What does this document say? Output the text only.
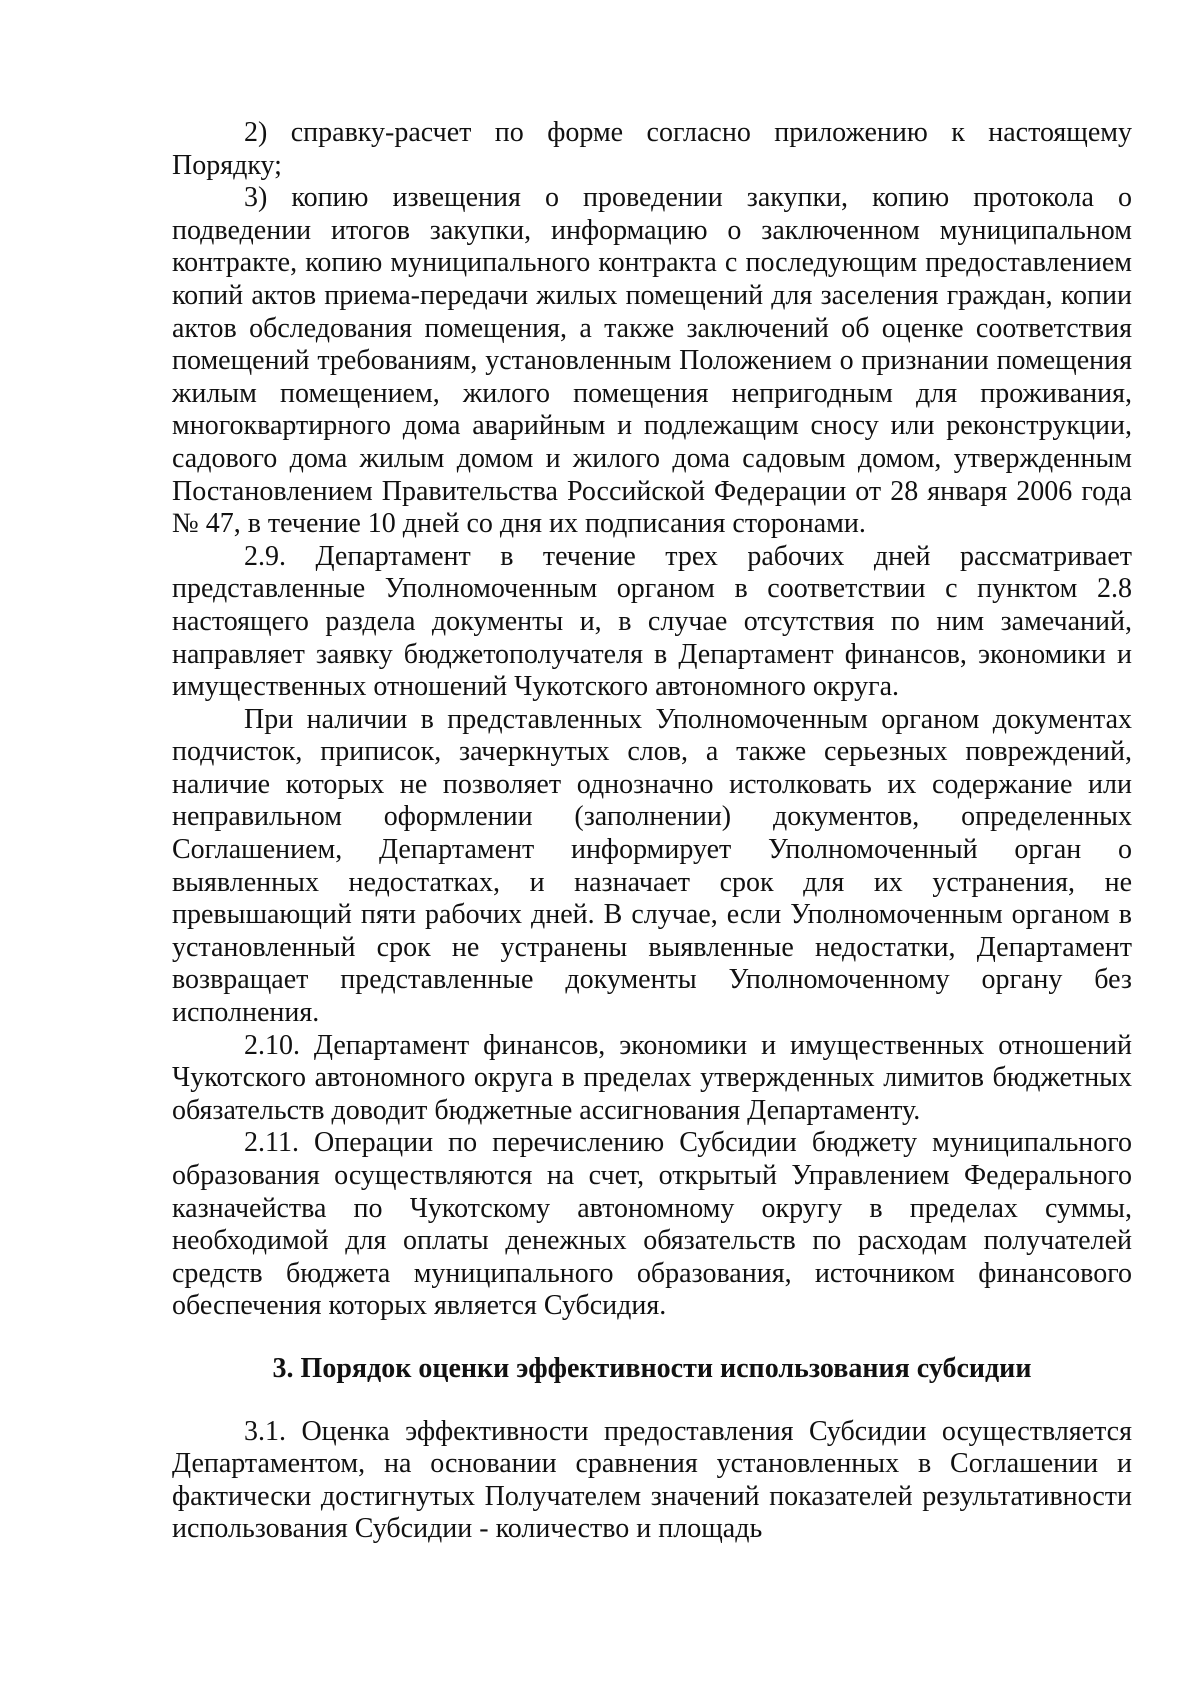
2) справку-расчет по форме согласно приложению к настоящему Порядку;

3) копию извещения о проведении закупки, копию протокола о подведении итогов закупки, информацию о заключенном муниципальном контракте, копию муниципального контракта с последующим предоставлением копий актов приема-передачи жилых помещений для заселения граждан, копии актов обследования помещения, а также заключений об оценке соответствия помещений требованиям, установленным Положением о признании помещения жилым помещением, жилого помещения непригодным для проживания, многоквартирного дома аварийным и подлежащим сносу или реконструкции, садового дома жилым домом и жилого дома садовым домом, утвержденным Постановлением Правительства Российской Федерации от 28 января 2006 года № 47, в течение 10 дней со дня их подписания сторонами.

2.9. Департамент в течение трех рабочих дней рассматривает представленные Уполномоченным органом в соответствии с пунктом 2.8 настоящего раздела документы и, в случае отсутствия по ним замечаний, направляет заявку бюджетополучателя в Департамент финансов, экономики и имущественных отношений Чукотского автономного округа.

При наличии в представленных Уполномоченным органом документах подчисток, приписок, зачеркнутых слов, а также серьезных повреждений, наличие которых не позволяет однозначно истолковать их содержание или неправильном оформлении (заполнении) документов, определенных Соглашением, Департамент информирует Уполномоченный орган о выявленных недостатках, и назначает срок для их устранения, не превышающий пяти рабочих дней. В случае, если Уполномоченным органом в установленный срок не устранены выявленные недостатки, Департамент возвращает представленные документы Уполномоченному органу без исполнения.

2.10. Департамент финансов, экономики и имущественных отношений Чукотского автономного округа в пределах утвержденных лимитов бюджетных обязательств доводит бюджетные ассигнования Департаменту.

2.11. Операции по перечислению Субсидии бюджету муниципального образования осуществляются на счет, открытый Управлением Федерального казначейства по Чукотскому автономному округу в пределах суммы, необходимой для оплаты денежных обязательств по расходам получателей средств бюджета муниципального образования, источником финансового обеспечения которых является Субсидия.

3. Порядок оценки эффективности использования субсидии

3.1. Оценка эффективности предоставления Субсидии осуществляется Департаментом, на основании сравнения установленных в Соглашении и фактически достигнутых Получателем значений показателей результативности использования Субсидии - количество и площадь
